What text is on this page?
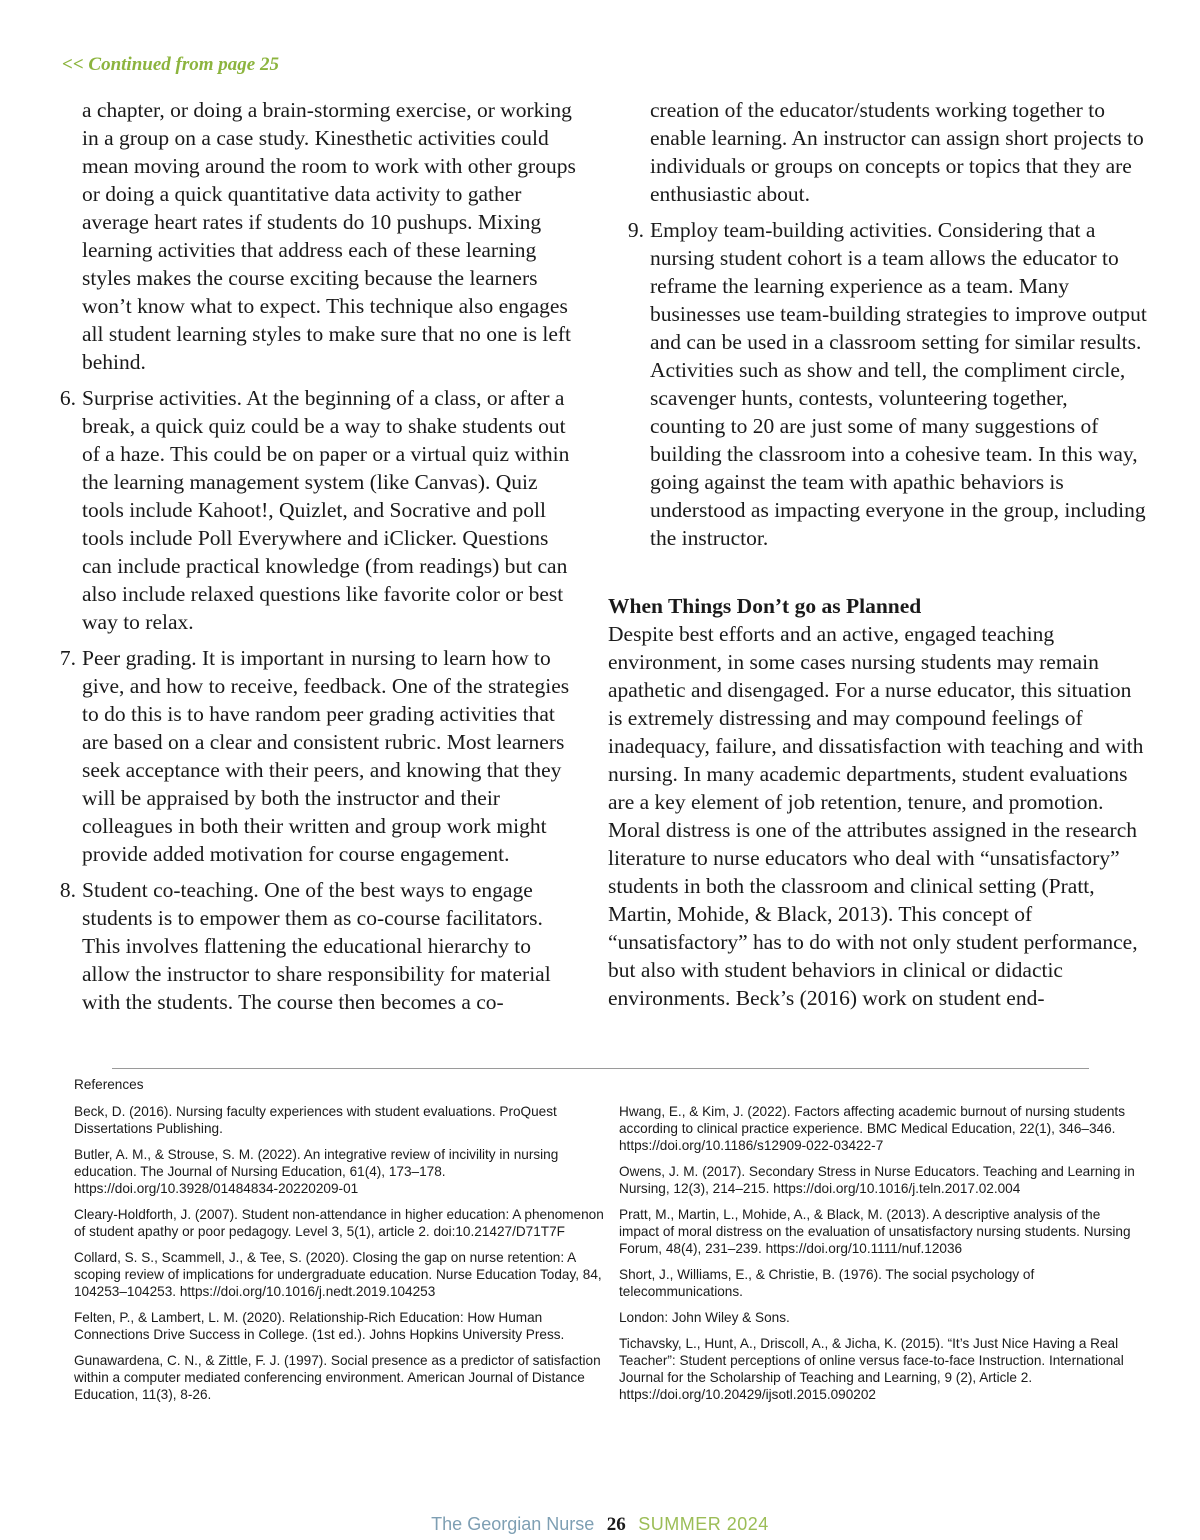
<< Continued from page 25

a chapter, or doing a brain-storming exercise, or working in a group on a case study. Kinesthetic activities could mean moving around the room to work with other groups or doing a quick quantitative data activity to gather average heart rates if students do 10 pushups. Mixing learning activities that address each of these learning styles makes the course exciting because the learners won’t know what to expect. This technique also engages all student learning styles to make sure that no one is left behind.

6. Surprise activities. At the beginning of a class, or after a break, a quick quiz could be a way to shake students out of a haze. This could be on paper or a virtual quiz within the learning management system (like Canvas). Quiz tools include Kahoot!, Quizlet, and Socrative and poll tools include Poll Everywhere and iClicker. Questions can include practical knowledge (from readings) but can also include relaxed questions like favorite color or best way to relax.
7. Peer grading. It is important in nursing to learn how to give, and how to receive, feedback. One of the strategies to do this is to have random peer grading activities that are based on a clear and consistent rubric. Most learners seek acceptance with their peers, and knowing that they will be appraised by both the instructor and their colleagues in both their written and group work might provide added motivation for course engagement.
8. Student co-teaching. One of the best ways to engage students is to empower them as co-course facilitators. This involves flattening the educational hierarchy to allow the instructor to share responsibility for material with the students. The course then becomes a co-

creation of the educator/students working together to enable learning. An instructor can assign short projects to individuals or groups on concepts or topics that they are enthusiastic about.

9. Employ team-building activities. Considering that a nursing student cohort is a team allows the educator to reframe the learning experience as a team. Many businesses use team-building strategies to improve output and can be used in a classroom setting for similar results. Activities such as show and tell, the compliment circle, scavenger hunts, contests, volunteering together, counting to 20 are just some of many suggestions of building the classroom into a cohesive team. In this way, going against the team with apathic behaviors is understood as impacting everyone in the group, including the instructor.
When Things Don’t go as Planned

Despite best efforts and an active, engaged teaching environment, in some cases nursing students may remain apathetic and disengaged. For a nurse educator, this situation is extremely distressing and may compound feelings of inadequacy, failure, and dissatisfaction with teaching and with nursing. In many academic departments, student evaluations are a key element of job retention, tenure, and promotion. Moral distress is one of the attributes assigned in the research literature to nurse educators who deal with “unsatisfactory” students in both the classroom and clinical setting (Pratt, Martin, Mohide, & Black, 2013). This concept of “unsatisfactory” has to do with not only student performance, but also with student behaviors in clinical or didactic environments. Beck’s (2016) work on student end-

References
Beck, D. (2016). Nursing faculty experiences with student evaluations. ProQuest Dissertations Publishing.
Butler, A. M., & Strouse, S. M. (2022). An integrative review of incivility in nursing education. The Journal of Nursing Education, 61(4), 173–178. https://doi.org/10.3928/01484834-20220209-01
Cleary-Holdforth, J. (2007). Student non-attendance in higher education: A phenomenon of student apathy or poor pedagogy. Level 3, 5(1), article 2. doi:10.21427/D71T7F
Collard, S. S., Scammell, J., & Tee, S. (2020). Closing the gap on nurse retention: A scoping review of implications for undergraduate education. Nurse Education Today, 84, 104253–104253. https://doi.org/10.1016/j.nedt.2019.104253
Felten, P., & Lambert, L. M. (2020). Relationship-Rich Education: How Human Connections Drive Success in College. (1st ed.). Johns Hopkins University Press.
Gunawardena, C. N., & Zittle, F. J. (1997). Social presence as a predictor of satisfaction within a computer mediated conferencing environment. American Journal of Distance Education, 11(3), 8-26.
Hwang, E., & Kim, J. (2022). Factors affecting academic burnout of nursing students according to clinical practice experience. BMC Medical Education, 22(1), 346–346. https://doi.org/10.1186/s12909-022-03422-7
Owens, J. M. (2017). Secondary Stress in Nurse Educators. Teaching and Learning in Nursing, 12(3), 214–215. https://doi.org/10.1016/j.teln.2017.02.004
Pratt, M., Martin, L., Mohide, A., & Black, M. (2013). A descriptive analysis of the impact of moral distress on the evaluation of unsatisfactory nursing students. Nursing Forum, 48(4), 231–239. https://doi.org/10.1111/nuf.12036
Short, J., Williams, E., & Christie, B. (1976). The social psychology of telecommunications.
London: John Wiley & Sons.
Tichavsky, L., Hunt, A., Driscoll, A., & Jicha, K. (2015). “It’s Just Nice Having a Real Teacher”: Student perceptions of online versus face-to-face Instruction. International Journal for the Scholarship of Teaching and Learning, 9 (2), Article 2. https://doi.org/10.20429/ijsotl.2015.090202
The Georgian Nurse 26 SUMMER 2024
